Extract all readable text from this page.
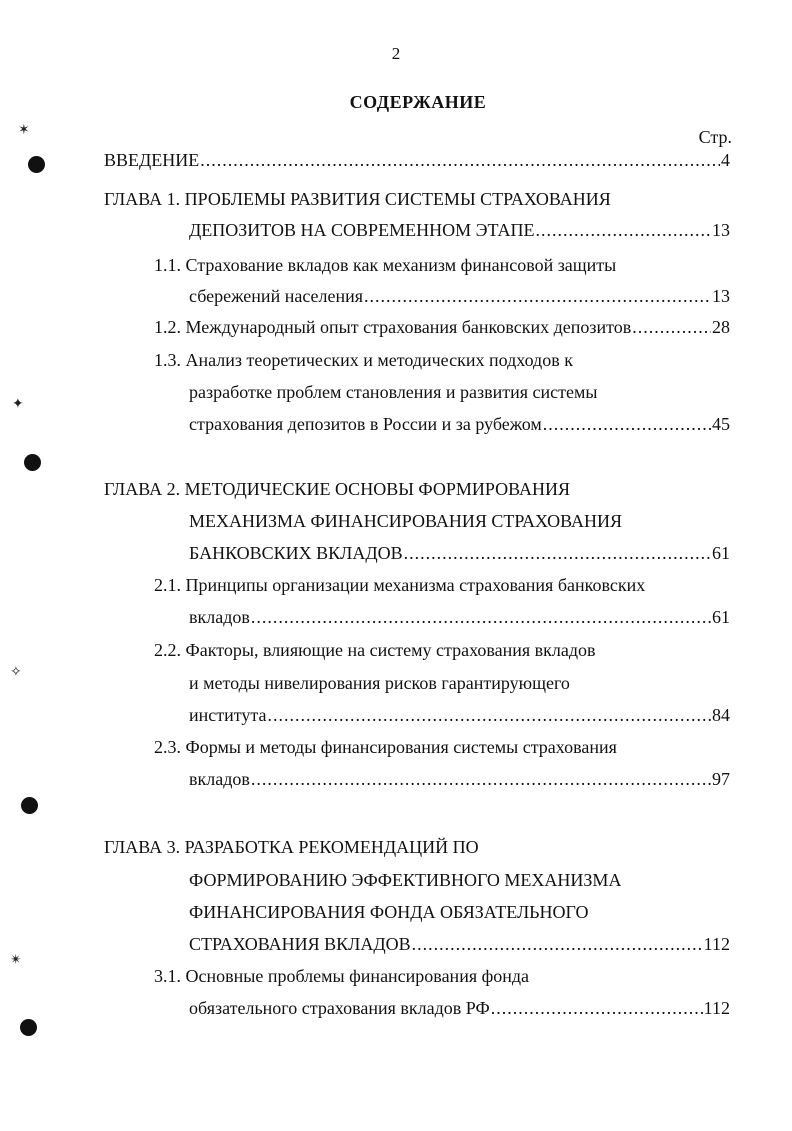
2
СОДЕРЖАНИЕ
Стр.
ВВЕДЕНИЕ .....	4
ГЛАВА 1. ПРОБЛЕМЫ РАЗВИТИЯ СИСТЕМЫ СТРАХОВАНИЯ
ДЕПОЗИТОВ НА СОВРЕМЕННОМ ЭТАПЕ .....	13
1.1. Страхование вкладов как механизм финансовой защиты
сбережений населения .....	13
1.2. Международный опыт страхования банковских депозитов .....	28
1.3. Анализ теоретических и методических подходов к
разработке проблем становления и развития системы
страхования депозитов в России и за рубежом .....	45
ГЛАВА 2. МЕТОДИЧЕСКИЕ ОСНОВЫ ФОРМИРОВАНИЯ
МЕХАНИЗМА ФИНАНСИРОВАНИЯ СТРАХОВАНИЯ
БАНКОВСКИХ ВКЛАДОВ .....	61
2.1. Принципы организации механизма страхования банковских
вкладов .....	61
2.2. Факторы, влияющие на систему страхования вкладов
и методы нивелирования рисков гарантирующего
института .....	84
2.3. Формы и методы финансирования системы страхования
вкладов .....	97
ГЛАВА 3. РАЗРАБОТКА РЕКОМЕНДАЦИЙ ПО
ФОРМИРОВАНИЮ ЭФФЕКТИВНОГО МЕХАНИЗМА
ФИНАНСИРОВАНИЯ ФОНДА ОБЯЗАТЕЛЬНОГО
СТРАХОВАНИЯ ВКЛАДОВ .....	112
3.1. Основные проблемы финансирования фонда
обязательного страхования вкладов РФ .....	112
✶
✦
✧
✴
